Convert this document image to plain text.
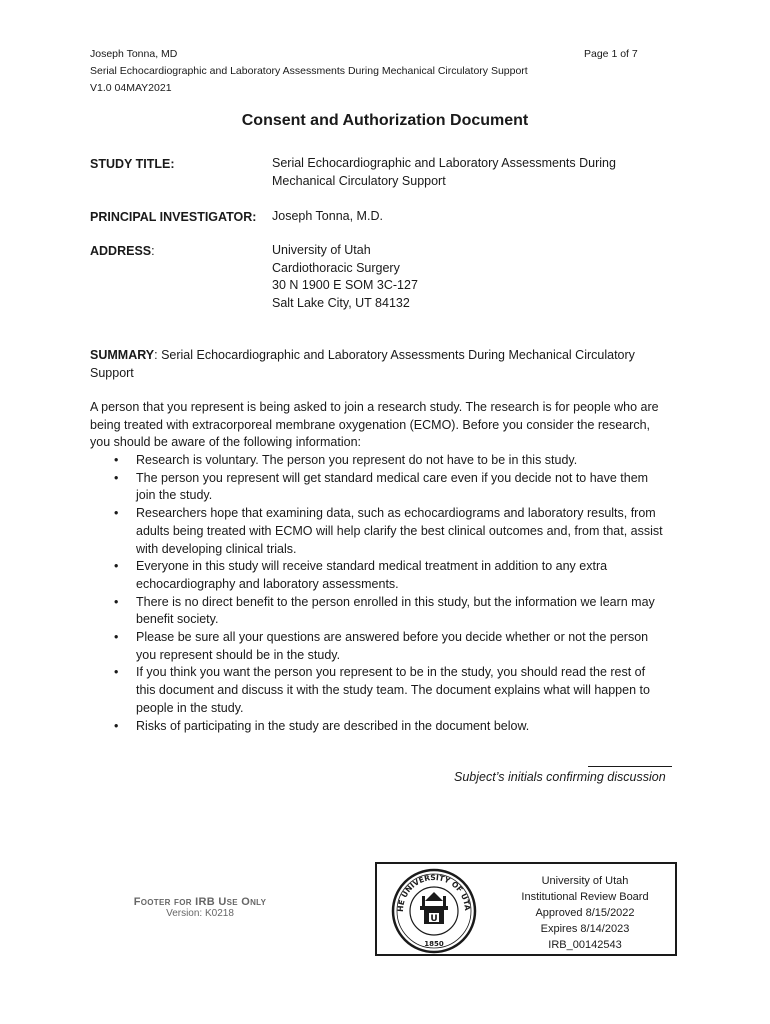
Joseph Tonna, MD
Serial Echocardiographic and Laboratory Assessments During Mechanical Circulatory Support
V1.0 04MAY2021
Page 1 of 7
Consent and Authorization Document
STUDY TITLE:	Serial Echocardiographic and Laboratory Assessments During
Mechanical Circulatory Support
PRINCIPAL INVESTIGATOR: Joseph Tonna, M.D.
ADDRESS:	University of Utah
Cardiothoracic Surgery
30 N 1900 E SOM 3C-127
Salt Lake City, UT 84132
SUMMARY: Serial Echocardiographic and Laboratory Assessments During Mechanical Circulatory
Support
A person that you represent is being asked to join a research study. The research is for people who are
being treated with extracorporeal membrane oxygenation (ECMO). Before you consider the research,
you should be aware of the following information:
• Research is voluntary. The person you represent do not have to be in this study.
• The person you represent will get standard medical care even if you decide not to have them
join the study.
• Researchers hope that examining data, such as echocardiograms and laboratory results, from
adults being treated with ECMO will help clarify the best clinical outcomes and, from that, assist
with developing clinical trials.
• Everyone in this study will receive standard medical treatment in addition to any extra
echocardiography and laboratory assessments.
• There is no direct benefit to the person enrolled in this study, but the information we learn may
benefit society.
• Please be sure all your questions are answered before you decide whether or not the person
you represent should be in the study.
• If you think you want the person you represent to be in the study, you should read the rest of
this document and discuss it with the study team. The document explains what will happen to
people in the study.
• Risks of participating in the study are described in the document below.
Subject’s initials confirming discussion
Footer for IRB Use Only
Version: K0218	HE UNIVERSITY OF UTA
U
1850
University of Utah
Institutional Review Board
Approved 8/15/2022
Expires 8/14/2023
IRB_00142543
